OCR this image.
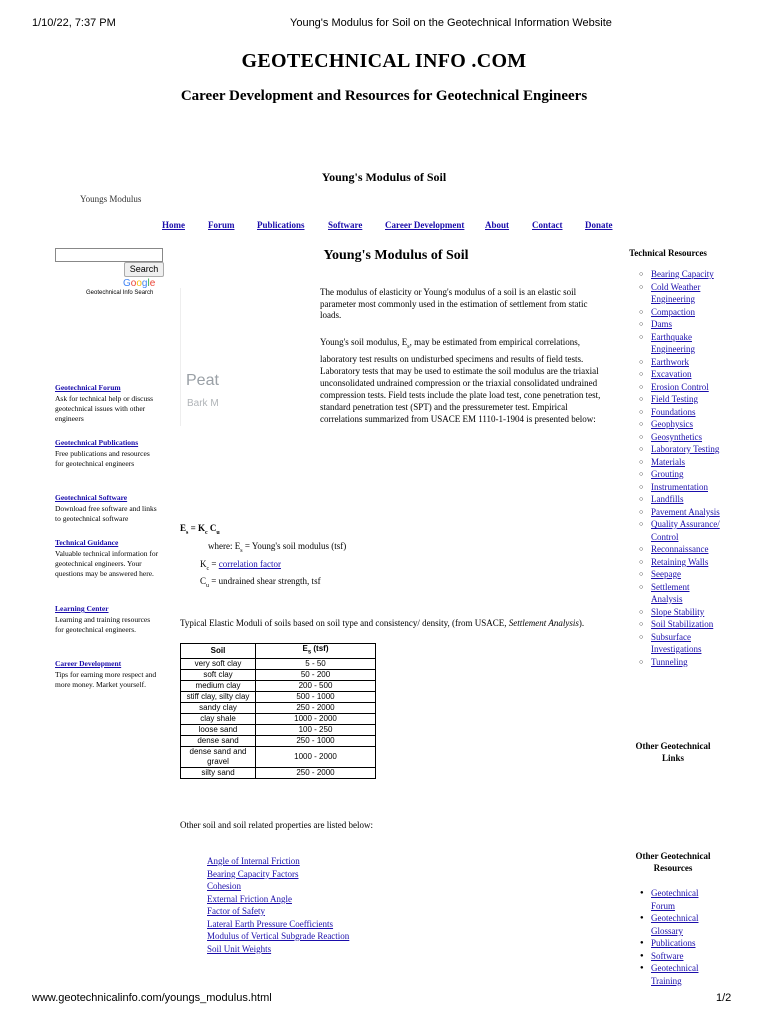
1/10/22, 7:37 PM	Young's Modulus for Soil on the Geotechnical Information Website
www.geotechnicalinfo.com/youngs_modulus.html	1/2
GEOTECHNICAL INFO .COM
Career Development and Resources for Geotechnical Engineers
Young's Modulus of Soil
Youngs Modulus
Home	Forum	Publications	Software	Career Development About	Contact	Donate
Search
Google
Geotechnical Info Search
Geotechnical Forum
Ask for technical help or discuss geotechnical issues with other engineers
Geotechnical Publications
Free publications and resources for geotechnical engineers
Geotechnical Software
Download free software and links to geotechnical software
Technical Guidance
Valuable technical information for geotechnical engineers. Your questions may be answered here.
Learning Center
Learning and training resources for geotechnical engineers.
Career Development
Tips for earning more respect and more money. Market yourself.
Peat
Bark M
Young's Modulus of Soil
The modulus of elasticity or Young's modulus of a soil is an elastic soil parameter most commonly used in the estimation of settlement from static loads.
Young's soil modulus, $E_s$, may be estimated from empirical correlations, laboratory test results on undisturbed specimens and results of field tests. Laboratory tests that may be used to estimate the soil modulus are the triaxial unconsolidated undrained compression or the triaxial consolidated undrained compression tests. Field tests include the plate load test, cone penetration test, standard penetration test (SPT) and the pressuremeter test. Empirical correlations summarized from USACE EM 1110-1-1904 is presented below:
$E_s = K_c$ $C_u$
where: $E_s$ = Young's soil modulus (tsf)
$K_c$ = correlation factor
$C_u$ = undrained shear strength, tsf
Typical Elastic Moduli of soils based on soil type and consistency/ density, (from USACE, Settlement Analysis).
Soil	$E_s$ (tsf)
very soft clay	5 - 50
soft clay	50 - 200
medium clay	200 - 500
stiff clay, silty clay	500 - 1000
sandy clay	250 - 2000
clay shale	1000 - 2000
loose sand	100 - 250
dense sand	250 - 1000
dense sand and gravel	1000 - 2000
silty sand	250 - 2000
Other soil and soil related properties are listed below:
Angle of Internal Friction
Bearing Capacity Factors
Cohesion
External Friction Angle
Factor of Safety
Lateral Earth Pressure Coefficients
Modulus of Vertical Subgrade Reaction
Soil Unit Weights
Technical Resources
○ Bearing Capacity
○ Cold Weather Engineering
○ Compaction
○ Dams
○ Earthquake Engineering
○ Earthwork
○ Excavation
○ Erosion Control
○ Field Testing
○ Foundations
○ Geophysics
○ Geosynthetics
○ Laboratory Testing
○ Materials
○ Grouting
○ Instrumentation
○ Landfills
○ Pavement Analysis
○ Quality Assurance/ Control
○ Reconnaissance
○ Retaining Walls
○ Seepage
○ Settlement Analysis
○ Slope Stability
○ Soil Stabilization
○ Subsurface Investigations
○ Tunneling
Other Geotechnical Links
Other Geotechnical Resources
● Geotechnical Forum
● Geotechnical Glossary
● Publications
● Software
● Geotechnical Training
